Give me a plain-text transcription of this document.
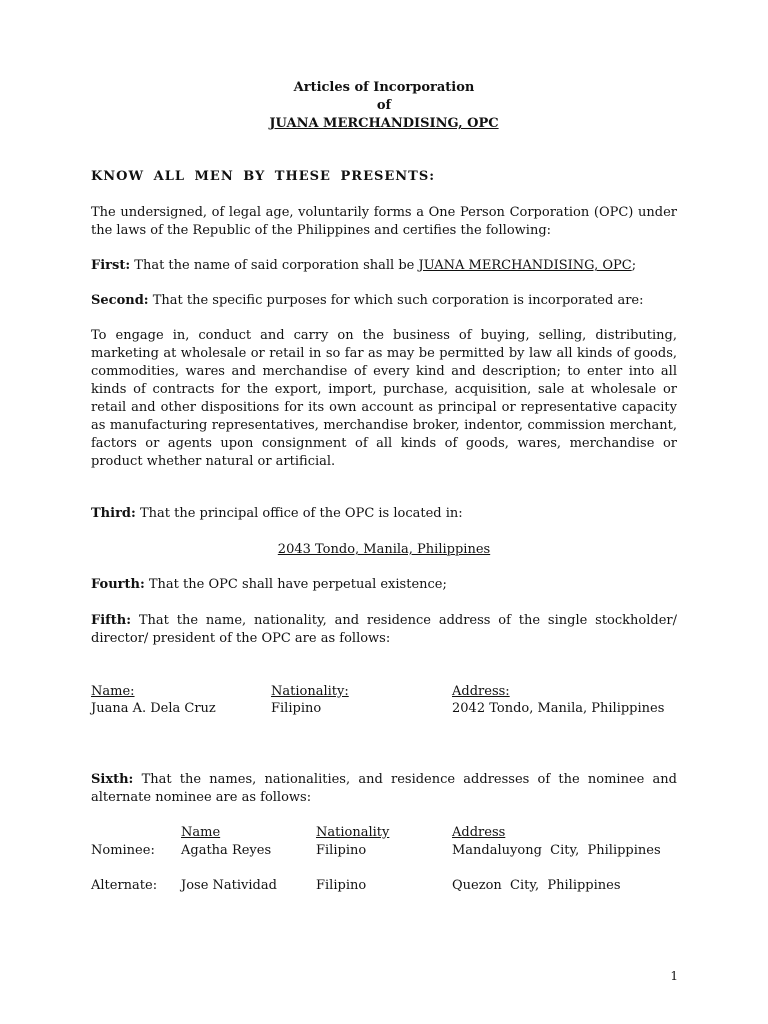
Articles of Incorporation
of
JUANA MERCHANDISING, OPC
KNOW ALL MEN BY THESE PRESENTS:
The undersigned, of legal age, voluntarily forms a One Person Corporation (OPC) under the laws of the Republic of the Philippines and certifies the following:
First: That the name of said corporation shall be JUANA MERCHANDISING, OPC;
Second: That the specific purposes for which such corporation is incorporated are:
To engage in, conduct and carry on the business of buying, selling, distributing, marketing at wholesale or retail in so far as may be permitted by law all kinds of goods, commodities, wares and merchandise of every kind and description; to enter into all kinds of contracts for the export, import, purchase, acquisition, sale at wholesale or retail and other dispositions for its own account as principal or representative capacity as manufacturing representatives, merchandise broker, indentor, commission merchant, factors or agents upon consignment of all kinds of goods, wares, merchandise or product whether natural or artificial.
Third: That the principal office of the OPC is located in:
2043 Tondo, Manila, Philippines
Fourth: That the OPC shall have perpetual existence;
Fifth: That the name, nationality, and residence address of the single stockholder/ director/ president of the OPC are as follows:
Name:	Nationality:	Address:
Juana A. Dela Cruz	Filipino	2042 Tondo, Manila, Philippines
Sixth: That the names, nationalities, and residence addresses of the nominee and alternate nominee are as follows:
Name	Nationality	Address
Nominee: Agatha Reyes	Filipino	Mandaluyong  City,  Philippines
Alternate: Jose Natividad	Filipino	Quezon  City,  Philippines
1
